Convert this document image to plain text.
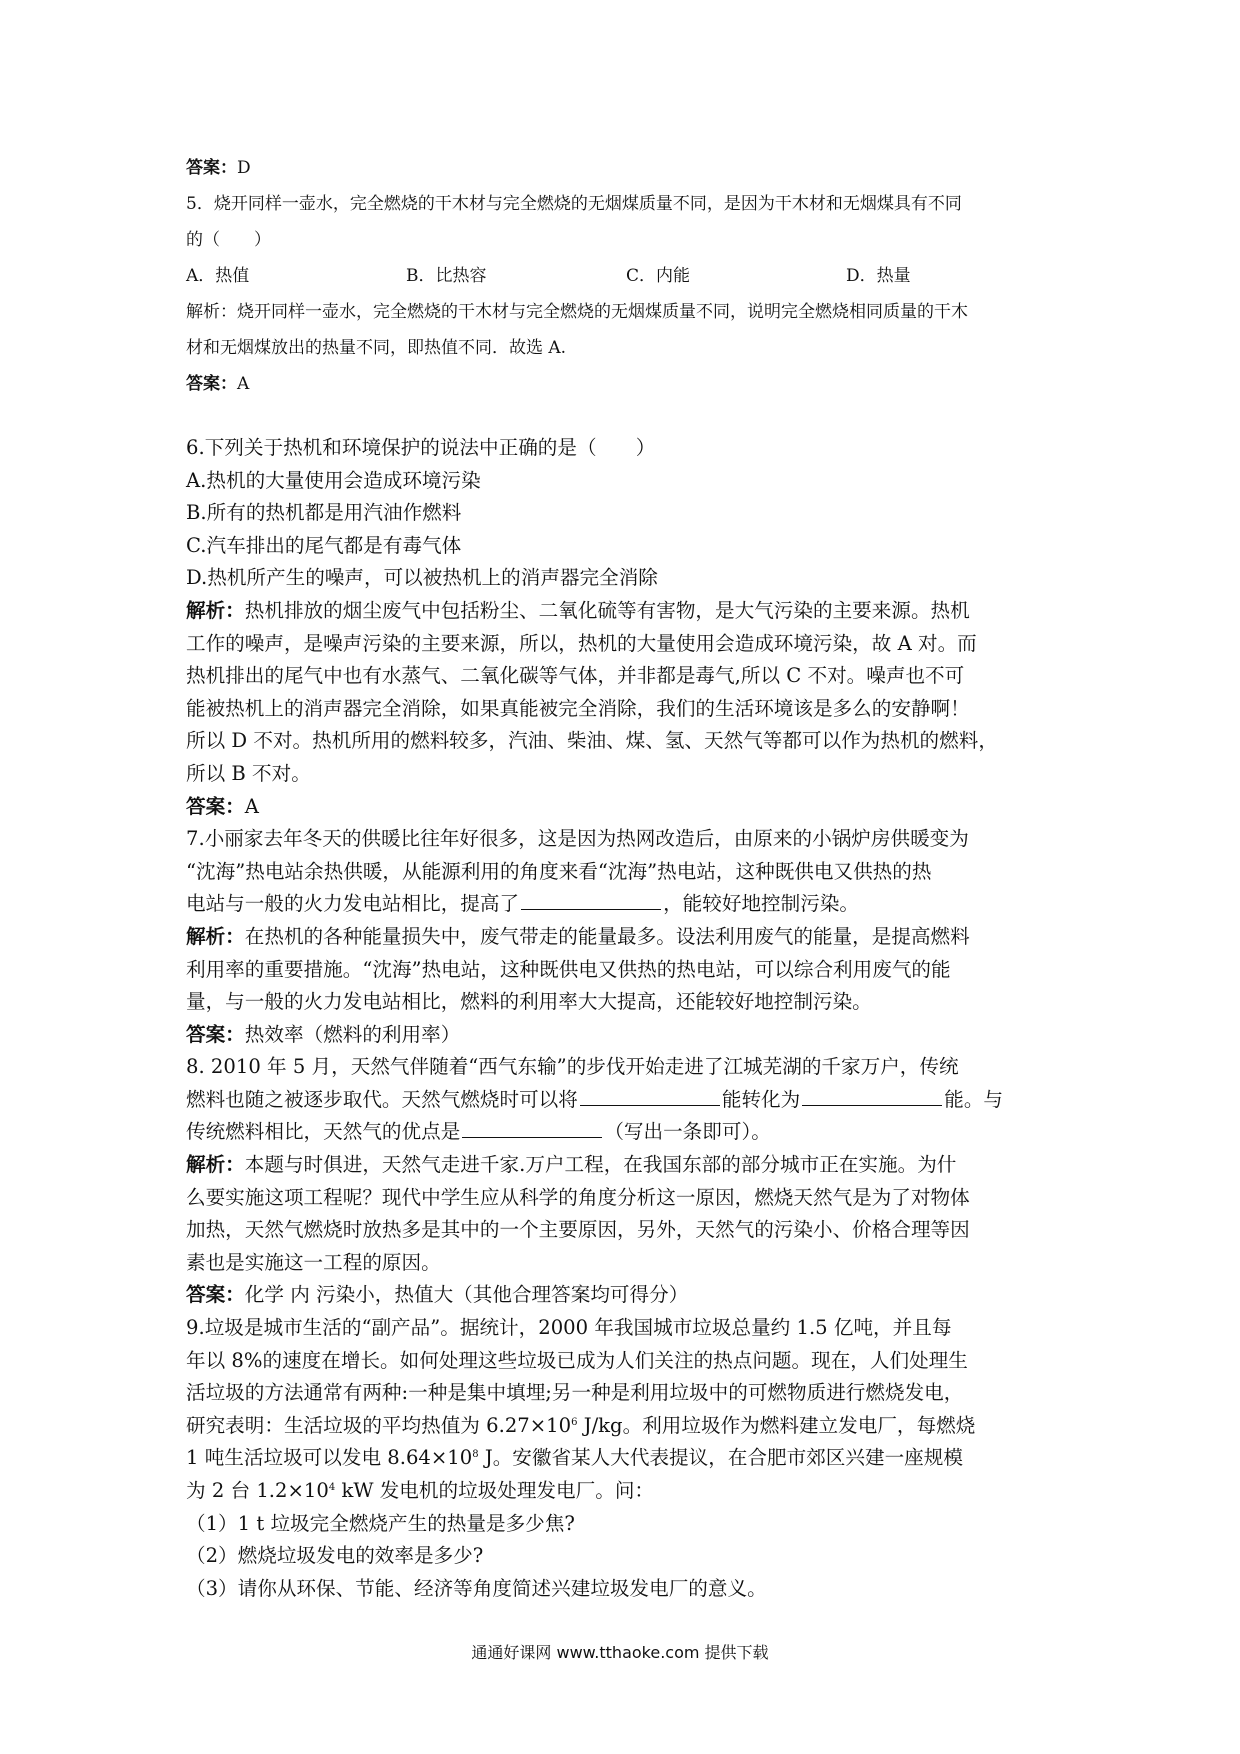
答案：D
5．烧开同样一壶水，完全燃烧的干木材与完全燃烧的无烟煤质量不同，是因为干木材和无烟煤具有不同
的（　　）
A．热值	B．比热容	C．内能	D．热量
解析：烧开同样一壶水，完全燃烧的干木材与完全燃烧的无烟煤质量不同，说明完全燃烧相同质量的干木
材和无烟煤放出的热量不同，即热值不同．故选 A.
答案：A
6.下列关于热机和环境保护的说法中正确的是（　　）
A.热机的大量使用会造成环境污染
B.所有的热机都是用汽油作燃料
C.汽车排出的尾气都是有毒气体
D.热机所产生的噪声，可以被热机上的消声器完全消除
解析：热机排放的烟尘废气中包括粉尘、二氧化硫等有害物，是大气污染的主要来源。热机
工作的噪声，是噪声污染的主要来源，所以，热机的大量使用会造成环境污染，故 A 对。而
热机排出的尾气中也有水蒸气、二氧化碳等气体，并非都是毒气,所以 C 不对。噪声也不可
能被热机上的消声器完全消除，如果真能被完全消除，我们的生活环境该是多么的安静啊！
所以 D 不对。热机所用的燃料较多，汽油、柴油、煤、氢、天然气等都可以作为热机的燃料，
所以 B 不对。
答案：A
7.小丽家去年冬天的供暖比往年好很多，这是因为热网改造后，由原来的小锅炉房供暖变为
“沈海”热电站余热供暖，从能源利用的角度来看“沈海”热电站，这种既供电又供热的热
电站与一般的火力发电站相比，提高了	，能较好地控制污染。
解析：在热机的各种能量损失中，废气带走的能量最多。设法利用废气的能量，是提高燃料
利用率的重要措施。“沈海”热电站，这种既供电又供热的热电站，可以综合利用废气的能
量，与一般的火力发电站相比，燃料的利用率大大提高，还能较好地控制污染。
答案：热效率（燃料的利用率）
8. 2010 年 5 月，天然气伴随着“西气东输”的步伐开始走进了江城芜湖的千家万户，传统
燃料也随之被逐步取代。天然气燃烧时可以将	能转化为	能。与
传统燃料相比，天然气的优点是	（写出一条即可）。
解析：本题与时俱进，天然气走进千家.万户工程，在我国东部的部分城市正在实施。为什
么要实施这项工程呢？现代中学生应从科学的角度分析这一原因，燃烧天然气是为了对物体
加热，天然气燃烧时放热多是其中的一个主要原因，另外，天然气的污染小、价格合理等因
素也是实施这一工程的原因。
答案：化学 内 污染小，热值大（其他合理答案均可得分）
9.垃圾是城市生活的“副产品”。据统计，2000 年我国城市垃圾总量约 1.5 亿吨，并且每
年以 8%的速度在增长。如何处理这些垃圾已成为人们关注的热点问题。现在，人们处理生
活垃圾的方法通常有两种:一种是集中填埋;另一种是利用垃圾中的可燃物质进行燃烧发电，
研究表明：生活垃圾的平均热值为 $6.27\times 10^6$ J/kg。利用垃圾作为燃料建立发电厂，每燃烧
1 吨生活垃圾可以发电 $8.64\times 10^8$ J。安徽省某人大代表提议，在合肥市郊区兴建一座规模
为 2 台 $1.2\times 10^4$ kW 发电机的垃圾处理发电厂。问：
（1）1 t 垃圾完全燃烧产生的热量是多少焦?
（2）燃烧垃圾发电的效率是多少?
（3）请你从环保、节能、经济等角度简述兴建垃圾发电厂的意义。
通通好课网 www.tthaoke.com 提供下载
